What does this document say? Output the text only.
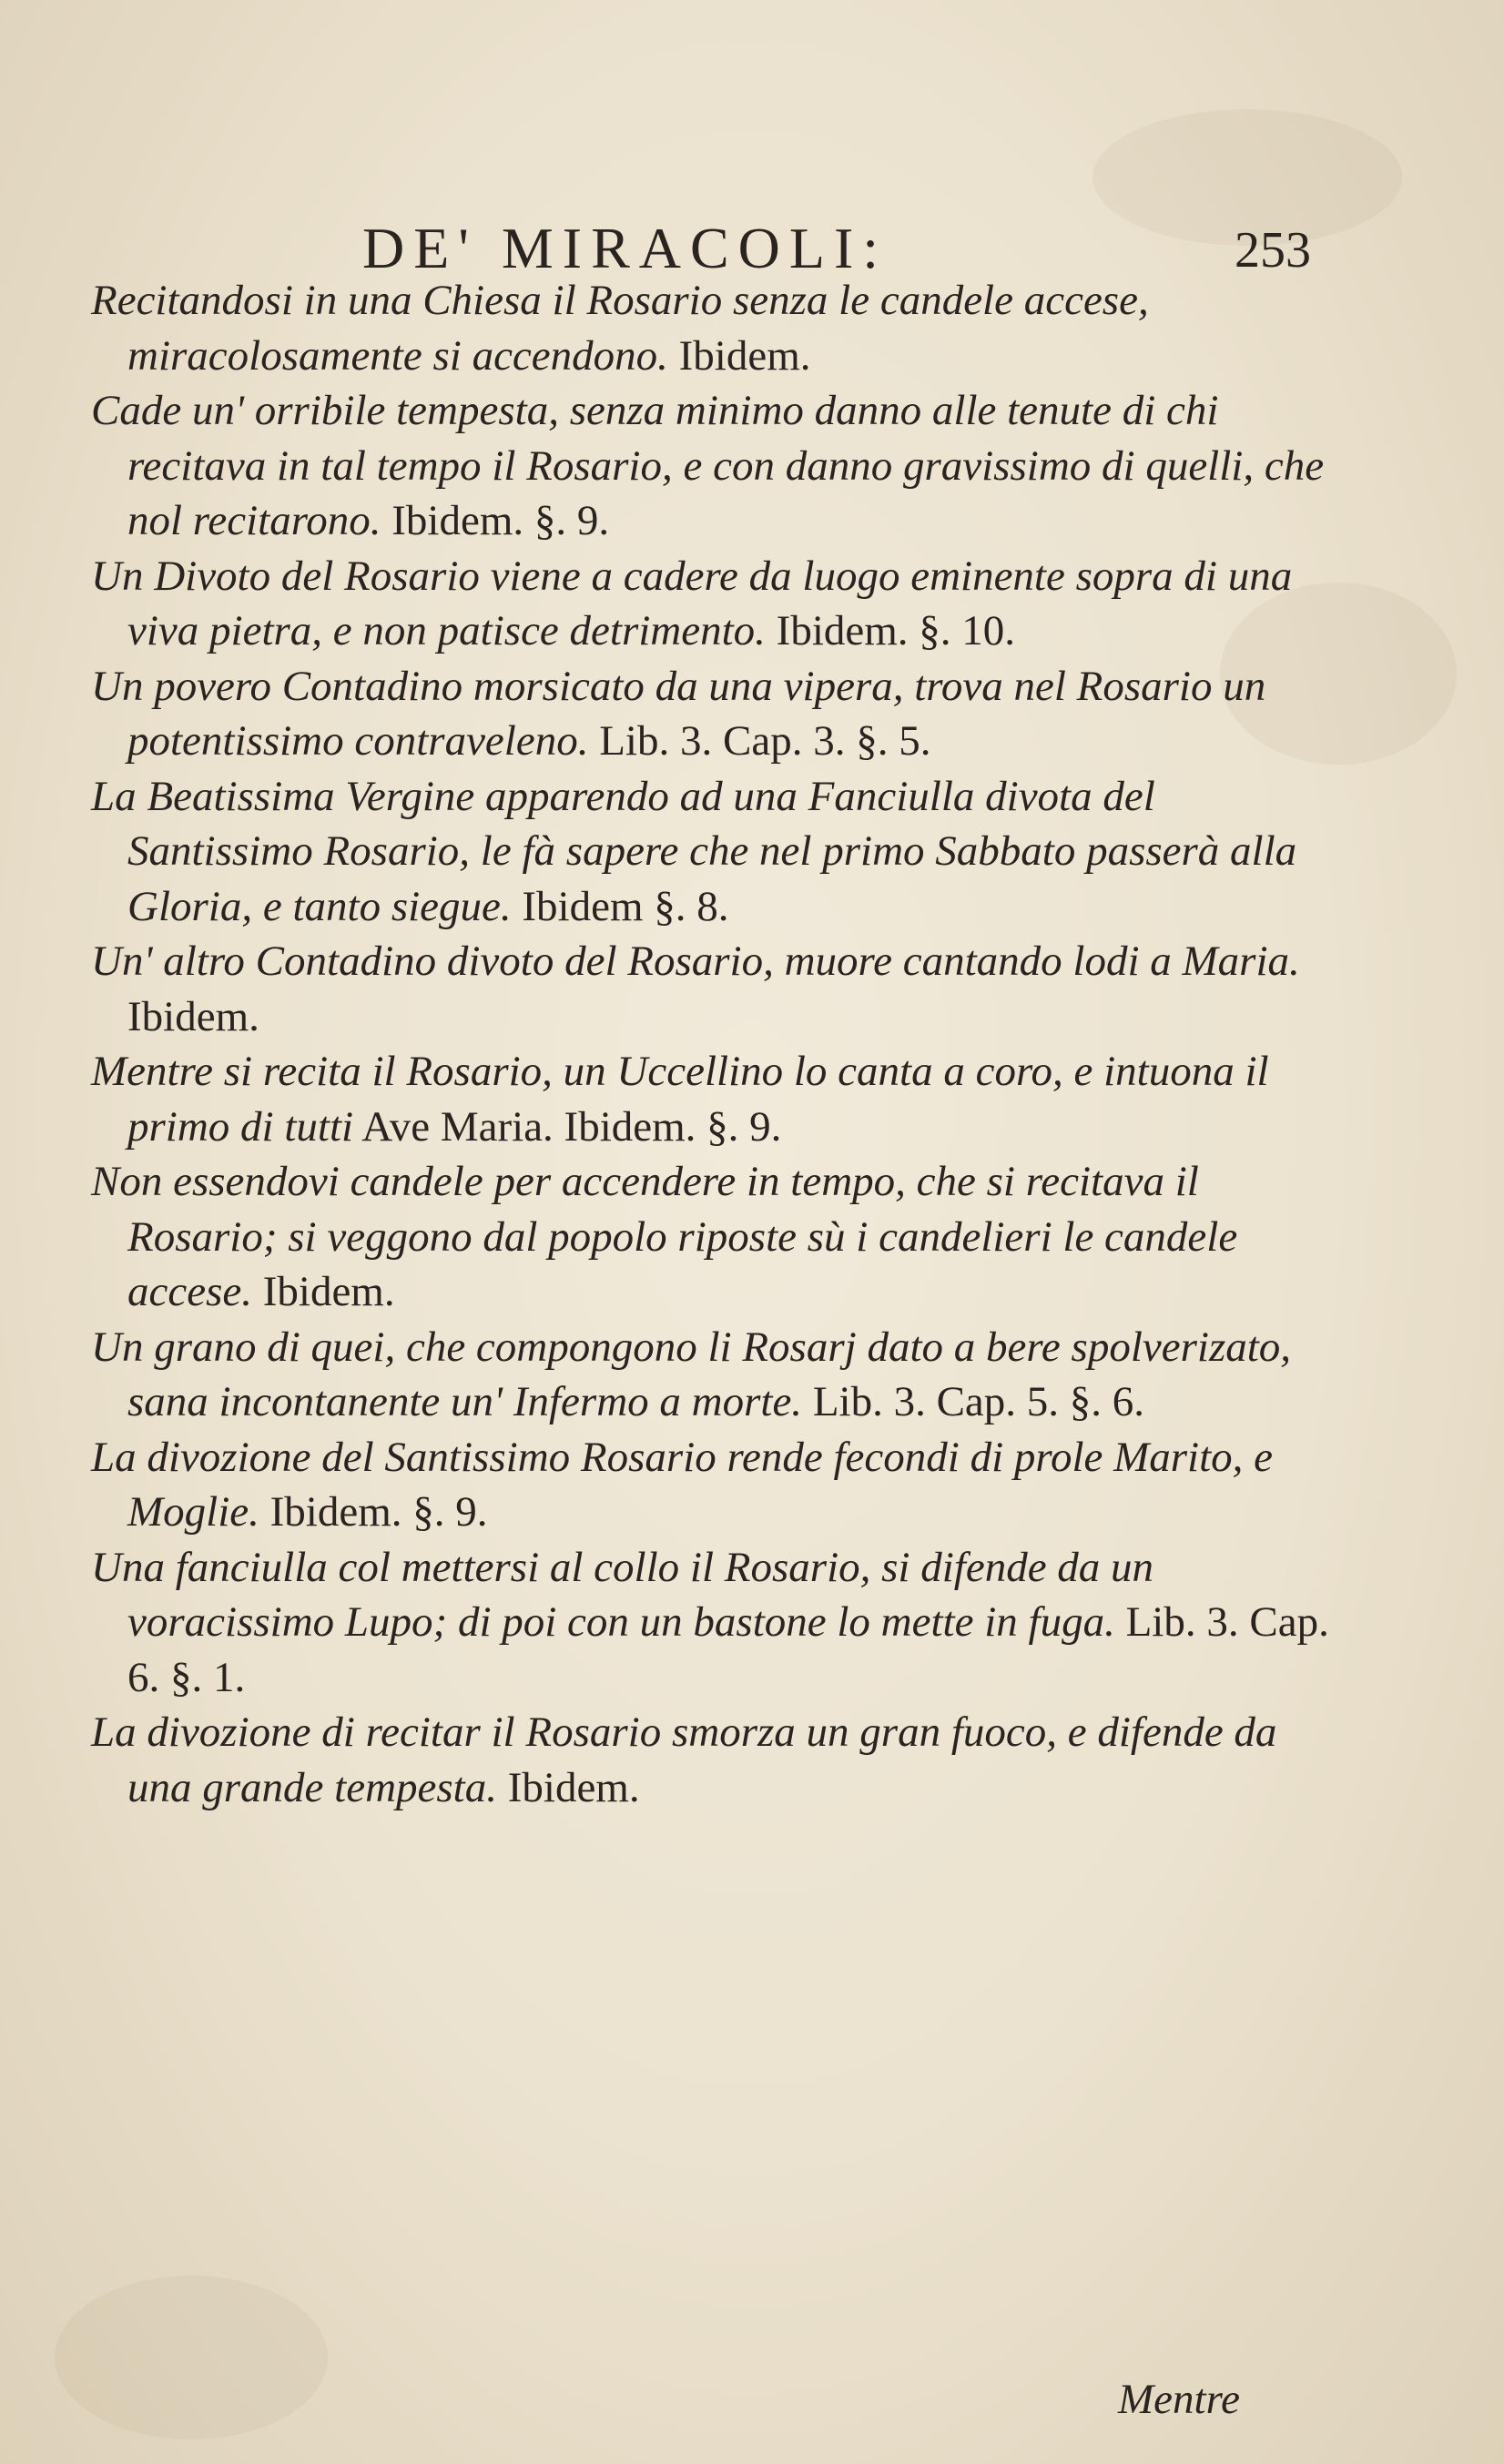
DE' MIRACOLI:	253

Recitandosi in una Chiesa il Rosario senza le candele accese, miracolosamente si accendono. Ibidem.

Cade un' orribile tempesta, senza minimo danno alle tenute di chi recitava in tal tempo il Rosario, e con danno gravissimo di quelli, che nol recitarono. Ibidem. §. 9.

Un Divoto del Rosario viene a cadere da luogo eminente sopra di una viva pietra, e non patisce detrimento. Ibidem. §. 10.

Un povero Contadino morsicato da una vipera, trova nel Rosario un potentissimo contraveleno. Lib. 3. Cap. 3. §. 5.

La Beatissima Vergine apparendo ad una Fanciulla divota del Santissimo Rosario, le fà sapere che nel primo Sabbato passerà alla Gloria, e tanto siegue. Ibidem §. 8.

Un' altro Contadino divoto del Rosario, muore cantando lodi a Maria. Ibidem.

Mentre si recita il Rosario, un Uccellino lo canta a coro, e intuona il primo di tutti Ave Maria. Ibidem. §. 9.

Non essendovi candele per accendere in tempo, che si recitava il Rosario; si veggono dal popolo riposte sù i candelieri le candele accese. Ibidem.

Un grano di quei, che compongono li Rosarj dato a bere spolverizato, sana incontanente un' Infermo a morte. Lib. 3. Cap. 5. §. 6.

La divozione del Santissimo Rosario rende fecondi di prole Marito, e Moglie. Ibidem. §. 9.

Una fanciulla col mettersi al collo il Rosario, si difende da un voracissimo Lupo; di poi con un bastone lo mette in fuga. Lib. 3. Cap. 6. §. 1.

La divozione di recitar il Rosario smorza un gran fuoco, e difende da una grande tempesta. Ibidem.

Mentre
